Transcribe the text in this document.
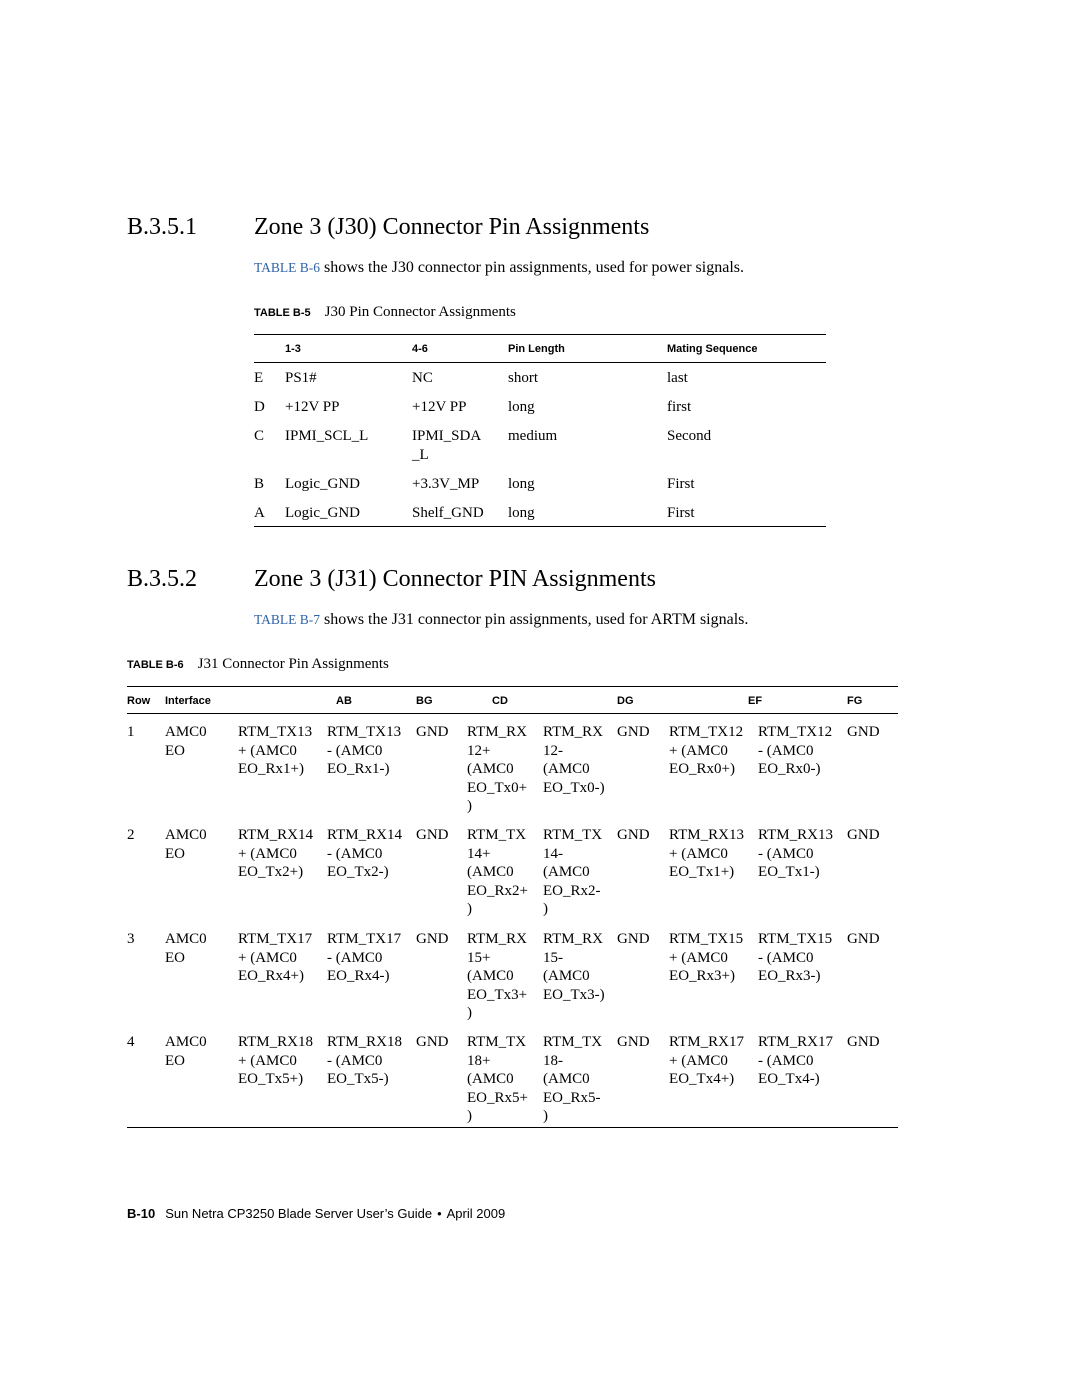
B.3.5.1 Zone 3 (J30) Connector Pin Assignments
TABLE B-6 shows the J30 connector pin assignments, used for power signals.
TABLE B-5 J30 Pin Connector Assignments
	1-3	4-6	Pin Length	Mating Sequence
E	PS1#	NC	short	last
D	+12V PP	+12V PP	long	first
C	IPMI_SCL_L	IPMI_SDA
_L	medium	Second
B	Logic_GND	+3.3V_MP	long	First
A	Logic_GND	Shelf_GND	long	First
B.3.5.2 Zone 3 (J31) Connector PIN Assignments
TABLE B-7 shows the J31 connector pin assignments, used for ARTM signals.
TABLE B-6 J31 Connector Pin Assignments
Row	Interface	AB		BG	CD		DG	EF		FG
1	AMC0
EO	RTM_TX13
+ (AMC0
EO_Rx1+)	RTM_TX13
- (AMC0
EO_Rx1-)	GND	RTM_RX
12+
(AMC0
EO_Tx0+
)	RTM_RX
12-
(AMC0
EO_Tx0-)	GND	RTM_TX12
+ (AMC0
EO_Rx0+)	RTM_TX12
- (AMC0
EO_Rx0-)	GND
2	AMC0
EO	RTM_RX14
+ (AMC0
EO_Tx2+)	RTM_RX14
- (AMC0
EO_Tx2-)	GND	RTM_TX
14+
(AMC0
EO_Rx2+
)	RTM_TX
14-
(AMC0
EO_Rx2-
)	GND	RTM_RX13
+ (AMC0
EO_Tx1+)	RTM_RX13
- (AMC0
EO_Tx1-)	GND
3	AMC0
EO	RTM_TX17
+ (AMC0
EO_Rx4+)	RTM_TX17
- (AMC0
EO_Rx4-)	GND	RTM_RX
15+
(AMC0
EO_Tx3+
)	RTM_RX
15-
(AMC0
EO_Tx3-)	GND	RTM_TX15
+ (AMC0
EO_Rx3+)	RTM_TX15
- (AMC0
EO_Rx3-)	GND
4	AMC0
EO	RTM_RX18
+ (AMC0
EO_Tx5+)	RTM_RX18
- (AMC0
EO_Tx5-)	GND	RTM_TX
18+
(AMC0
EO_Rx5+
)	RTM_TX
18-
(AMC0
EO_Rx5-
)	GND	RTM_RX17
+ (AMC0
EO_Tx4+)	RTM_RX17
- (AMC0
EO_Tx4-)	GND
B-10 Sun Netra CP3250 Blade Server User’s Guide • April 2009
